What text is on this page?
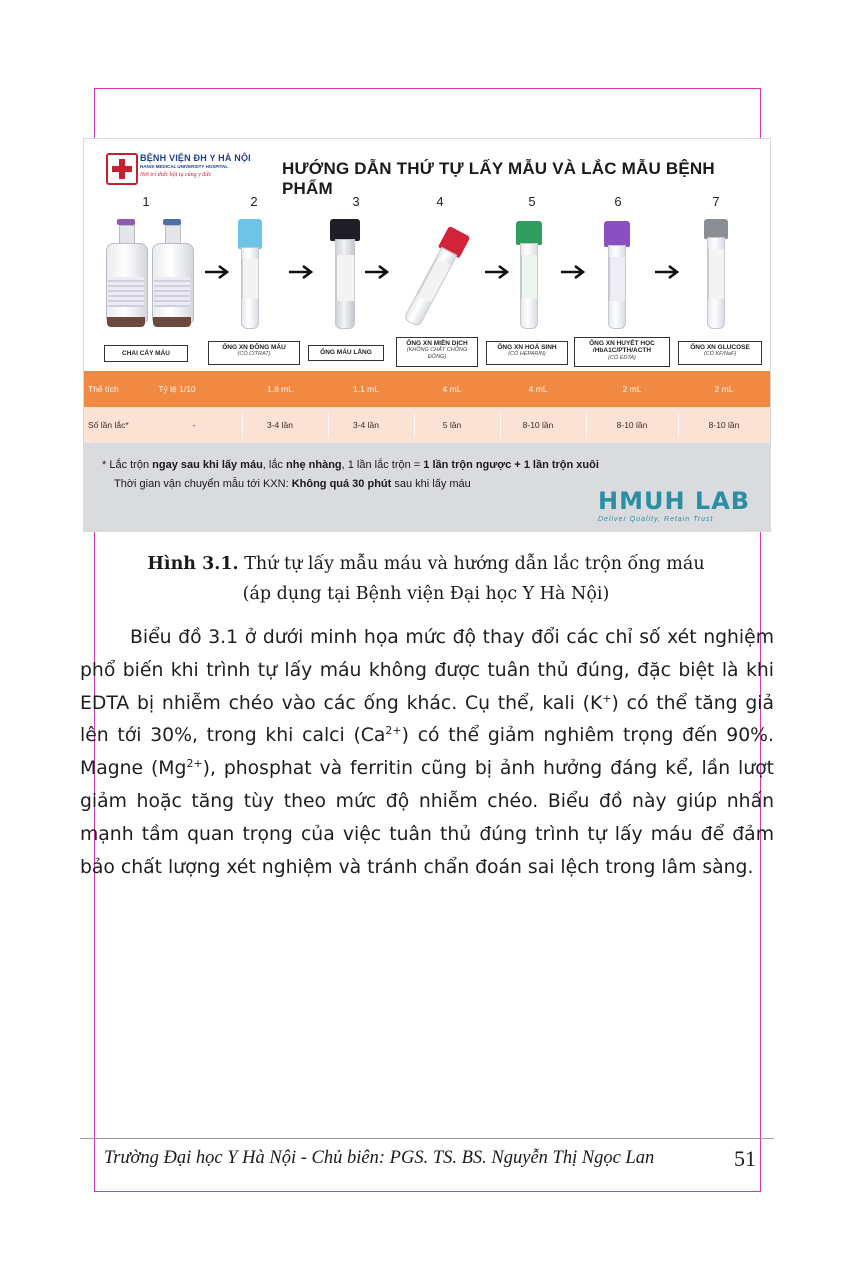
BỆNH VIỆN ĐH Y HÀ NỘI
HANOI MEDICAL UNIVERSITY HOSPITAL
Nơi trí thức hội tụ cùng y đức	HƯỚNG DẪN THỨ TỰ LẤY MẪU VÀ LẮC MẪU BỆNH PHẨM
1	2	3	4	5	6	7
CHAI CẤY MÁU
ỐNG XN ĐÔNG MÁU
(CÓ CITRAT)	ỐNG MÁU LẮNG
ỐNG XN MIỄN DỊCH
(KHÔNG CHẤT CHỐNG ĐÔNG)
ỐNG XN HOÁ SINH
(CÓ HEPARIN)
ỐNG XN HUYẾT HỌC /HbA1C/PTH/ACTH
(CÓ EDTA)
ỐNG XN GLUCOSE
(CÓ KF/NaF)
Thể tích	Tỷ lệ 1/10	1.8 mL	1.1 mL	4 mL	4 mL	2 mL	2 mL
Số lần lắc*	-	3-4 lần	3-4 lần	5 lần	8-10 lần	8-10 lần	8-10 lần
* Lắc trộn ngay sau khi lấy máu, lắc nhẹ nhàng, 1 lần lắc trộn = 1 lần trộn ngược + 1 lần trộn xuôi
Thời gian vận chuyển mẫu tới KXN: Không quá 30 phút sau khi lấy máu
HMUH LAB
Deliver Quality, Retain Trust
Hình 3.1. Thứ tự lấy mẫu máu và hướng dẫn lắc trộn ống máu
(áp dụng tại Bệnh viện Đại học Y Hà Nội)

Biểu đồ 3.1 ở dưới minh họa mức độ thay đổi các chỉ số xét nghiệm phổ biến khi trình tự lấy máu không được tuân thủ đúng, đặc biệt là khi EDTA bị nhiễm chéo vào các ống khác. Cụ thể, kali (K+) có thể tăng giả lên tới 30%, trong khi calci $(Ca^{2+})$ có thể giảm nghiêm trọng đến 90%. Magne $(Mg^{2+})$, phosphat và ferritin cũng bị ảnh hưởng đáng kể, lần lượt giảm hoặc tăng tùy theo mức độ nhiễm chéo. Biểu đồ này giúp nhấn mạnh tầm quan trọng của việc tuân thủ đúng trình tự lấy máu để đảm bảo chất lượng xét nghiệm và tránh chẩn đoán sai lệch trong lâm sàng.

Trường Đại học Y Hà Nội - Chủ biên: PGS. TS. BS. Nguyễn Thị Ngọc Lan	51
